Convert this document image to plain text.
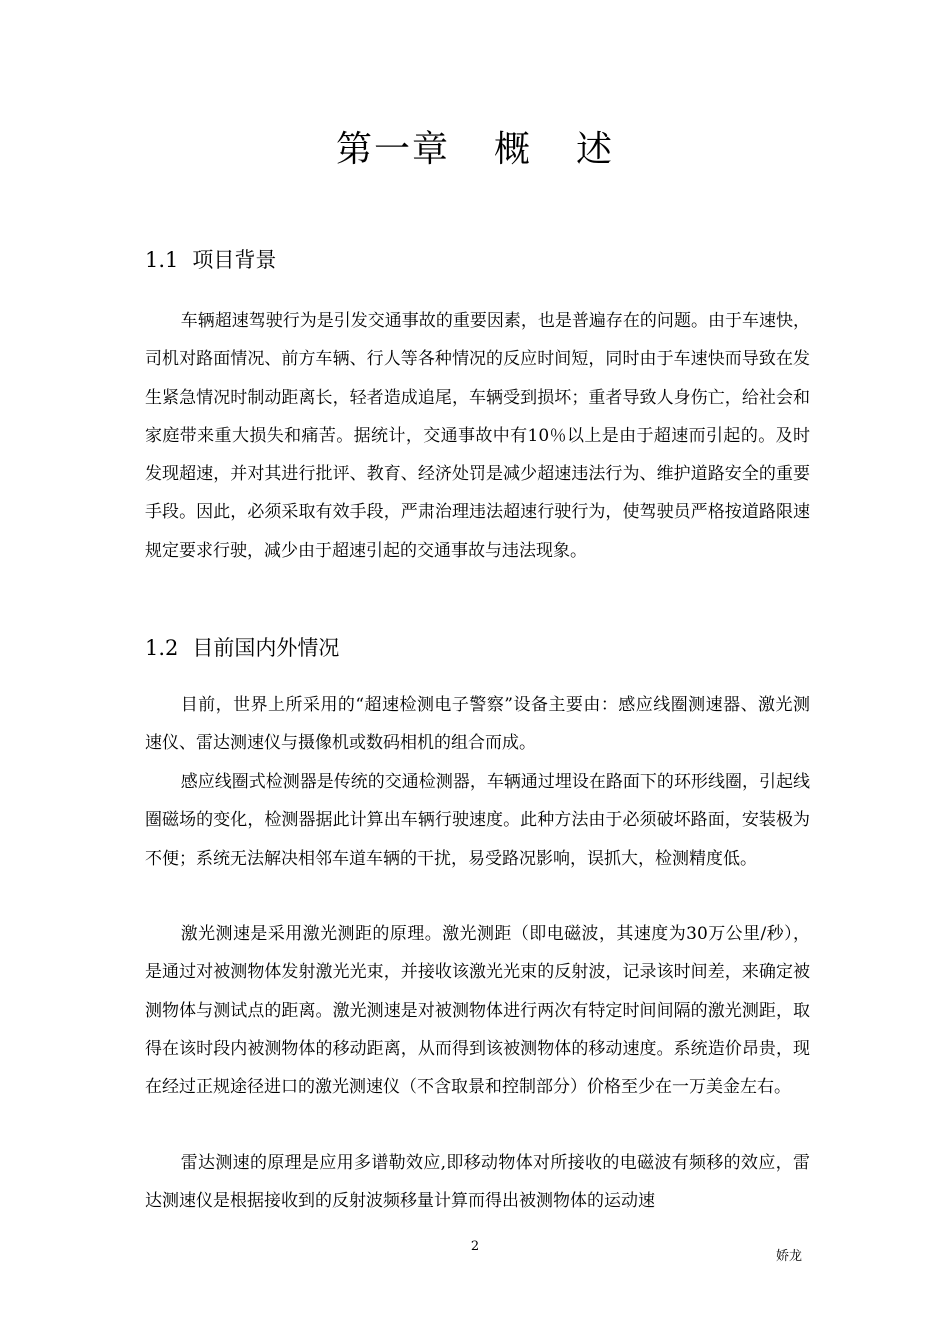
第一章 概 述
1.1 项目背景

车辆超速驾驶行为是引发交通事故的重要因素，也是普遍存在的问题。由于车速快，司机对路面情况、前方车辆、行人等各种情况的反应时间短，同时由于车速快而导致在发生紧急情况时制动距离长，轻者造成追尾，车辆受到损坏；重者导致人身伤亡，给社会和家庭带来重大损失和痛苦。据统计，交通事故中有10％以上是由于超速而引起的。及时发现超速，并对其进行批评、教育、经济处罚是减少超速违法行为、维护道路安全的重要手段。因此，必须采取有效手段，严肃治理违法超速行驶行为，使驾驶员严格按道路限速规定要求行驶，减少由于超速引起的交通事故与违法现象。

1.2 目前国内外情况

目前，世界上所采用的“超速检测电子警察”设备主要由：感应线圈测速器、激光测速仪、雷达测速仪与摄像机或数码相机的组合而成。

感应线圈式检测器是传统的交通检测器，车辆通过埋设在路面下的环形线圈，引起线圈磁场的变化，检测器据此计算出车辆行驶速度。此种方法由于必须破坏路面，安装极为不便；系统无法解决相邻车道车辆的干扰，易受路况影响，误抓大，检测精度低。

激光测速是采用激光测距的原理。激光测距（即电磁波，其速度为30万公里/秒），是通过对被测物体发射激光光束，并接收该激光光束的反射波，记录该时间差，来确定被测物体与测试点的距离。激光测速是对被测物体进行两次有特定时间间隔的激光测距，取得在该时段内被测物体的移动距离，从而得到该被测物体的移动速度。系统造价昂贵，现在经过正规途径进口的激光测速仪（不含取景和控制部分）价格至少在一万美金左右。

雷达测速的原理是应用多谱勒效应,即移动物体对所接收的电磁波有频移的效应，雷达测速仪是根据接收到的反射波频移量计算而得出被测物体的运动速

2
娇龙
